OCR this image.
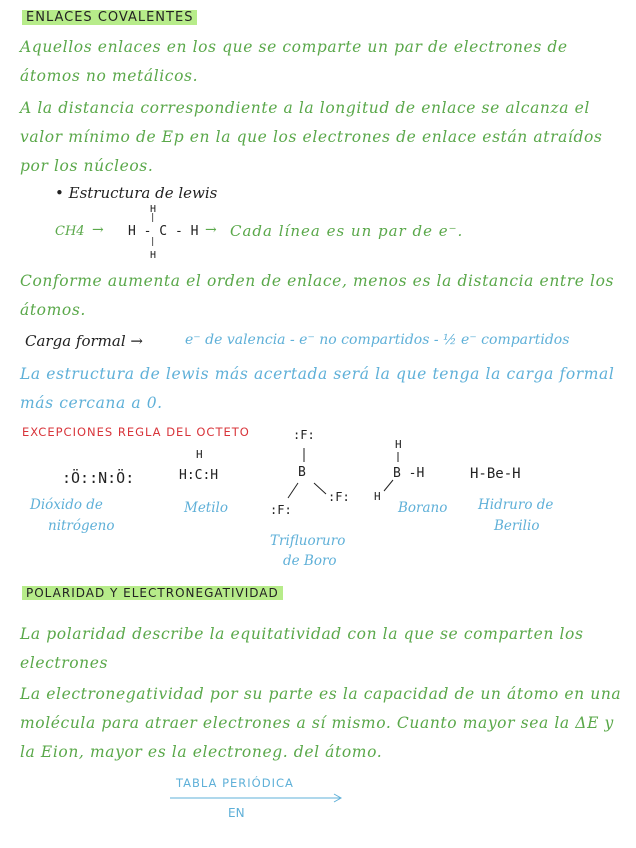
ENLACES COVALENTES
Aquellos enlaces en los que se comparte un par de electrones de átomos no metálicos.
A la distancia correspondiente a la longitud de enlace se alcanza el valor mínimo de Ep en la que los electrones de enlace están atraídos por los núcleos.
• Estructura de lewis
CH4 →
H
|
H - C - H
|
H
→ Cada línea es un par de e⁻.
Conforme aumenta el orden de enlace, menos es la distancia entre los átomos.
Carga formal →	e⁻ de valencia - e⁻ no compartidos - ½ e⁻ compartidos
La estructura de lewis más acertada será la que tenga la carga formal más cercana a 0.
EXCEPCIONES REGLA DEL OCTETO
:Ö::N:Ö:
Dióxido de
nitrógeno
H
H:C:H
Metilo
:F:
B
:F:
:F:
Trifluoruro
de Boro
H
B -H
H
Borano
H-Be-H
Hidruro de
Berilio
POLARIDAD Y ELECTRONEGATIVIDAD
La polaridad describe la equitatividad con la que se comparten los electrones
La electronegatividad por su parte es la capacidad de un átomo en una molécula para atraer electrones a sí mismo. Cuanto mayor sea la ΔE y la Eion, mayor es la electroneg. del átomo.
TABLA PERIÓDICA
EN
